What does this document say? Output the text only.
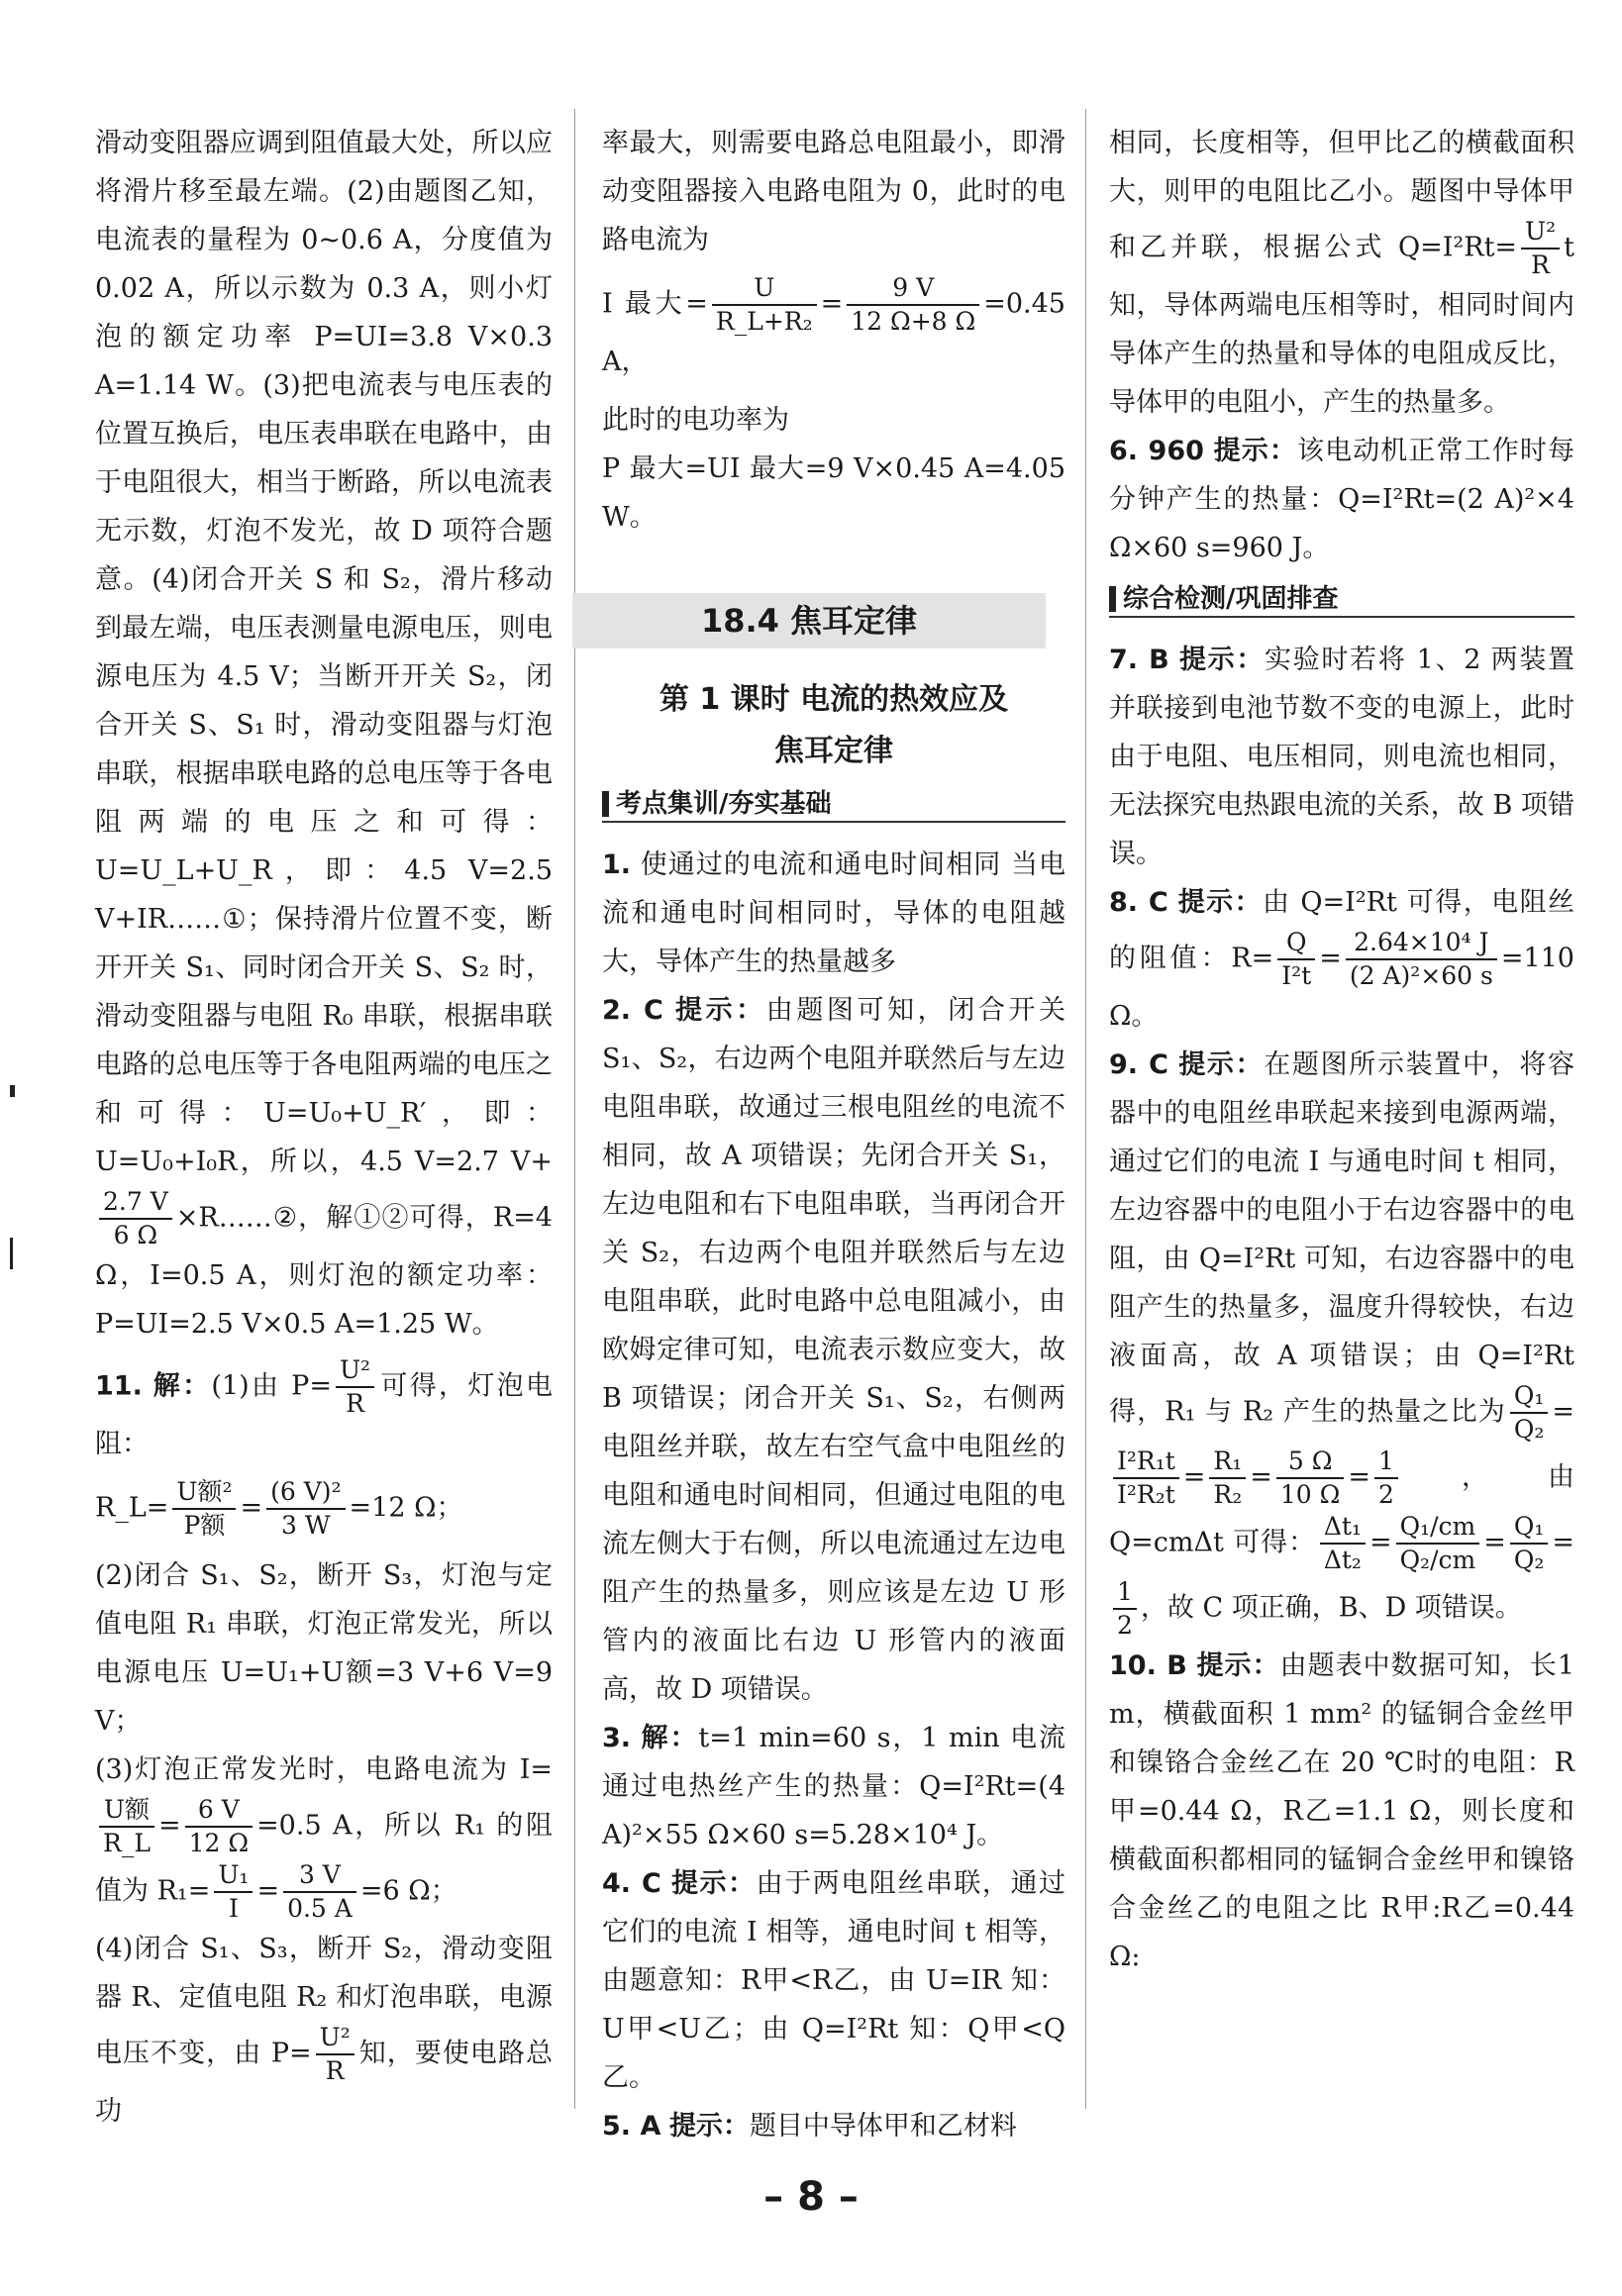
滑动变阻器应调到阻值最大处，所以应将滑片移至最左端。(2)由题图乙知，电流表的量程为 0~0.6 A，分度值为 0.02 A，所以示数为 0.3 A，则小灯泡的额定功率 P=UI=3.8 V×0.3 A=1.14 W。(3)把电流表与电压表的位置互换后，电压表串联在电路中，由于电阻很大，相当于断路，所以电流表无示数，灯泡不发光，故 D 项符合题意。(4)闭合开关 S 和 S₂，滑片移动到最左端，电压表测量电源电压，则电源电压为 4.5 V；当断开开关 S₂，闭合开关 S、S₁ 时，滑动变阻器与灯泡串联，根据串联电路的总电压等于各电阻两端的电压之和可得：U=U_L+U_R，即：4.5 V=2.5 V+IR……①；保持滑片位置不变，断开开关 S₁、同时闭合开关 S、S₂ 时，滑动变阻器与电阻 R₀ 串联，根据串联电路的总电压等于各电阻两端的电压之和可得：U=U₀+U_R′，即：U=U₀+I₀R，所以，4.5 V=2.7 V+
$\frac{2.7 V}{6 \Omega}$ ×R……②，解①②可得，R=4 Ω，I=0.5 A，则灯泡的额定功率：P=UI=2.5 V×0.5 A=1.25 W。

11. 解：(1)由 $P= \frac{\text{U²}}{R}$ 可得，灯泡电阻：

R_L= $\frac{\text{U额²}}{\text{P额}} = \frac{\text{(6 V)²}}{3 W} =12$ Ω；

(2)闭合 S₁、S₂，断开 S₃，灯泡与定值电阻 R₁ 串联，灯泡正常发光，所以电源电压 U=U₁+U额=3 V+6 V=9 V；

(3)灯泡正常发光时，电路电流为 I=
$\frac{\text{U额}}{R\_L} = \frac{6 V}{12 \Omega} =0.5$ A，所以 R₁ 的阻值为 $R_1= \frac{\text{U₁}}{I} = \frac{3 V}{0.5 A} =6$ Ω；

(4)闭合 S₁、S₃，断开 S₂，滑动变阻器 R、定值电阻 R₂ 和灯泡串联，电源电压不变，由 $P= \frac{\text{U²}}{R}$ 知，要使电路总功

率最大，则需要电路总电阻最小，即滑动变阻器接入电路电阻为 0，此时的电路电流为

I 最大= $\frac{U}{\text{R\_L+R₂}} = \frac{9 V}{12 \Omega+8 \Omega} =0.45$ A，

此时的电功率为

P 最大=UI 最大=9 V×0.45 A=4.05 W。

18.4 焦耳定律

第 1 课时 电流的热效应及
焦耳定律

考点集训/夯实基础

1. 使通过的电流和通电时间相同 当电流和通电时间相同时，导体的电阻越大，导体产生的热量越多

2. C 提示：由题图可知，闭合开关 S₁、S₂，右边两个电阻并联然后与左边电阻串联，故通过三根电阻丝的电流不相同，故 A 项错误；先闭合开关 S₁，左边电阻和右下电阻串联，当再闭合开关 S₂，右边两个电阻并联然后与左边电阻串联，此时电路中总电阻减小，由欧姆定律可知，电流表示数应变大，故 B 项错误；闭合开关 S₁、S₂，右侧两电阻丝并联，故左右空气盒中电阻丝的电阻和通电时间相同，但通过电阻的电流左侧大于右侧，所以电流通过左边电阻产生的热量多，则应该是左边 U 形管内的液面比右边 U 形管内的液面高，故 D 项错误。

3. 解：t=1 min=60 s，1 min 电流通过电热丝产生的热量：Q=I²Rt=(4 A)²×55 Ω×60 s=5.28×10⁴ J。

4. C 提示：由于两电阻丝串联，通过它们的电流 I 相等，通电时间 t 相等，由题意知：R甲<R乙，由 U=IR 知：U甲<U乙；由 Q=I²Rt 知：Q甲<Q乙。

5. A 提示：题目中导体甲和乙材料

相同，长度相等，但甲比乙的横截面积大，则甲的电阻比乙小。题图中导体甲和乙并联，根据公式 $Q=I^2Rt= \frac{\text{U²}}{R}$ t 知，导体两端电压相等时，相同时间内导体产生的热量和导体的电阻成反比，导体甲的电阻小，产生的热量多。

6. 960 提示：该电动机正常工作时每分钟产生的热量：Q=I²Rt=(2 A)²×4 Ω×60 s=960 J。

综合检测/巩固排查

7. B 提示：实验时若将 1、2 两装置并联接到电池节数不变的电源上，此时由于电阻、电压相同，则电流也相同，无法探究电热跟电流的关系，故 B 项错误。

8. C 提示：由 Q=I²Rt 可得，电阻丝的阻值：$R= \frac{Q}{\text{I²t}} = \frac{\text{2.64×10⁴ J}}{\text{(2 A)²×60 s}} =110$ Ω。

9. C 提示：在题图所示装置中，将容器中的电阻丝串联起来接到电源两端，通过它们的电流 I 与通电时间 t 相同，左边容器中的电阻小于右边容器中的电阻，由 Q=I²Rt 可知，右边容器中的电阻产生的热量多，温度升得较快，右边液面高，故 A 项错误；由 Q=I²Rt 得，R₁ 与 R₂ 产生的热量之比为 $\frac{\text{Q₁}}{\text{Q₂}}$ =
$\frac{\text{I²R₁t}}{\text{I²R₂t}} = \frac{\text{R₁}}{\text{R₂}} = \frac{5 \Omega}{10 \Omega} = \frac{1}{2}$ ，由 Q=cmΔt 可得： $\frac{\text{Δt₁}}{\text{Δt₂}} = \frac{\text{Q₁/cm}}{\text{Q₂/cm}} = \frac{\text{Q₁}}{\text{Q₂}}$ =
$\frac{1}{2}$ ，故 C 项正确，B、D 项错误。

10. B 提示：由题表中数据可知，长1 m，横截面积 1 mm² 的锰铜合金丝甲和镍铬合金丝乙在 20 ℃时的电阻：R甲=0.44 Ω，R乙=1.1 Ω，则长度和横截面积都相同的锰铜合金丝甲和镍铬合金丝乙的电阻之比 R甲:R乙=0.44 Ω:

– 8 –
